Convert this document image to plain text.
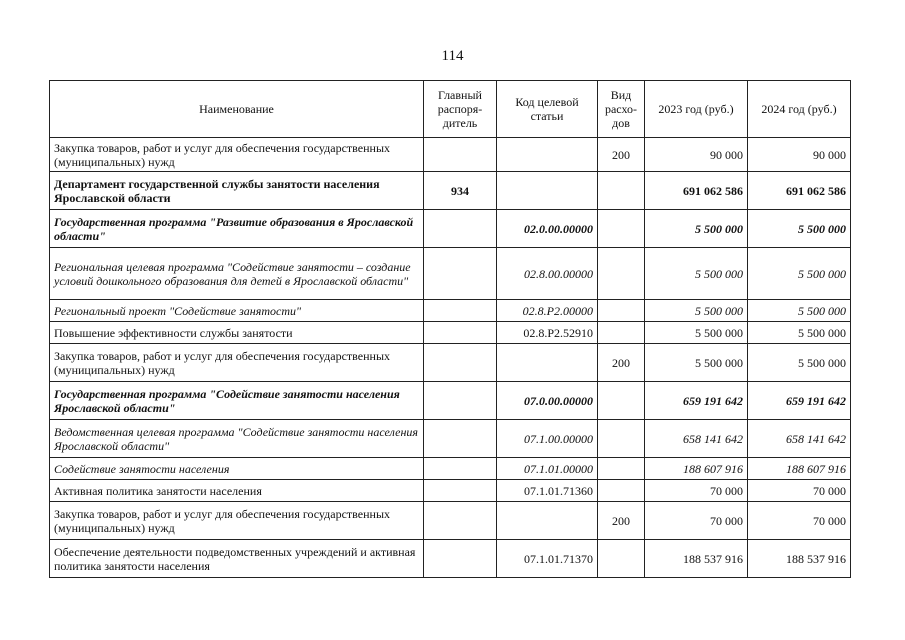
114
Наименование	Главный распоря-дитель	Код целевой статьи	Вид расхо-дов	2023 год (руб.)	2024 год (руб.)
Закупка товаров, работ и услуг для обеспечения государственных (муниципальных) нужд			200	90 000	90 000
Департамент государственной службы занятости населения Ярославской области	934			691 062 586	691 062 586
Государственная программа "Развитие образования в Ярославской области"		02.0.00.00000		5 500 000	5 500 000
Региональная целевая программа "Содействие занятости – создание условий дошкольного образования для детей в Ярославской области"		02.8.00.00000		5 500 000	5 500 000
Региональный проект "Содействие занятости"		02.8.P2.00000		5 500 000	5 500 000
Повышение эффективности службы занятости		02.8.P2.52910		5 500 000	5 500 000
Закупка товаров, работ и услуг для обеспечения государственных (муниципальных) нужд			200	5 500 000	5 500 000
Государственная программа "Содействие занятости населения Ярославской области"		07.0.00.00000		659 191 642	659 191 642
Ведомственная целевая программа "Содействие занятости населения Ярославской области"		07.1.00.00000		658 141 642	658 141 642
Содействие занятости населения		07.1.01.00000		188 607 916	188 607 916
Активная политика занятости населения		07.1.01.71360		70 000	70 000
Закупка товаров, работ и услуг для обеспечения государственных (муниципальных) нужд			200	70 000	70 000
Обеспечение деятельности подведомственных учреждений и активная политика занятости населения		07.1.01.71370		188 537 916	188 537 916
